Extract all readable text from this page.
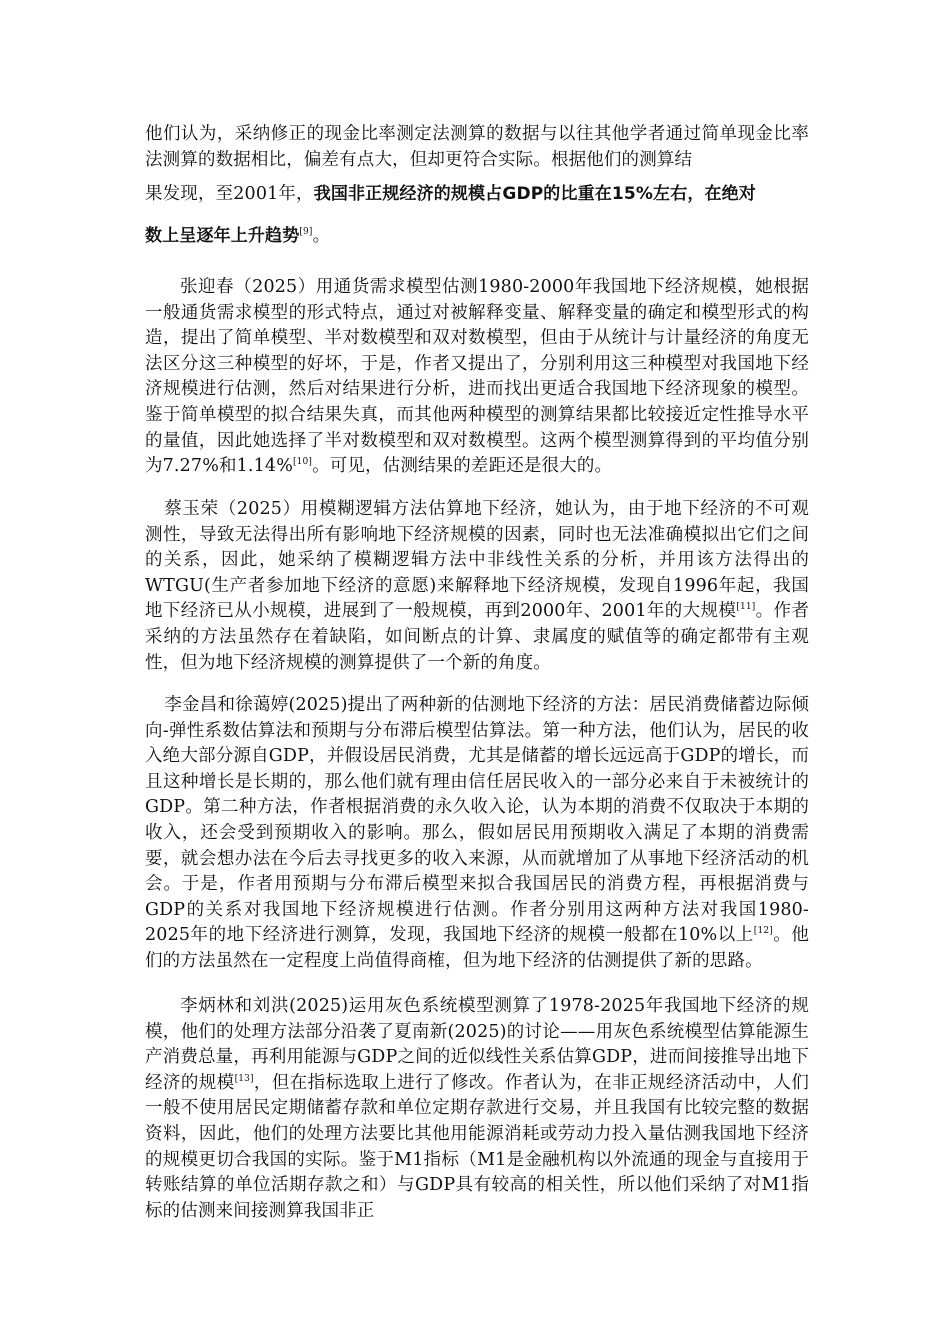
他们认为，采纳修正的现金比率测定法测算的数据与以往其他学者通过简单现金比率法测算的数据相比，偏差有点大，但却更符合实际。根据他们的测算结
果发现，至2001年，我国非正规经济的规模占GDP的比重在15%左右，在绝对
数上呈逐年上升趋势[9]。

张迎春（2025）用通货需求模型估测1980-2000年我国地下经济规模，她根据一般通货需求模型的形式特点，通过对被解释变量、解释变量的确定和模型形式的构造，提出了简单模型、半对数模型和双对数模型，但由于从统计与计量经济的角度无法区分这三种模型的好坏，于是，作者又提出了，分别利用这三种模型对我国地下经济规模进行估测，然后对结果进行分析，进而找出更适合我国地下经济现象的模型。鉴于简单模型的拟合结果失真，而其他两种模型的测算结果都比较接近定性推导水平的量值，因此她选择了半对数模型和双对数模型。这两个模型测算得到的平均值分别为7.27%和1.14%[10]。可见，估测结果的差距还是很大的。

蔡玉荣（2025）用模糊逻辑方法估算地下经济，她认为，由于地下经济的不可观测性，导致无法得出所有影响地下经济规模的因素，同时也无法准确模拟出它们之间的关系，因此，她采纳了模糊逻辑方法中非线性关系的分析，并用该方法得出的WTGU(生产者参加地下经济的意愿)来解释地下经济规模，发现自1996年起，我国地下经济已从小规模，进展到了一般规模，再到2000年、2001年的大规模[11]。作者采纳的方法虽然存在着缺陷，如间断点的计算、隶属度的赋值等的确定都带有主观性，但为地下经济规模的测算提供了一个新的角度。

李金昌和徐蔼婷(2025)提出了两种新的估测地下经济的方法：居民消费储蓄边际倾向-弹性系数估算法和预期与分布滞后模型估算法。第一种方法，他们认为，居民的收入绝大部分源自GDP，并假设居民消费，尤其是储蓄的增长远远高于GDP的增长，而且这种增长是长期的，那么他们就有理由信任居民收入的一部分必来自于未被统计的GDP。第二种方法，作者根据消费的永久收入论，认为本期的消费不仅取决于本期的收入，还会受到预期收入的影响。那么，假如居民用预期收入满足了本期的消费需要，就会想办法在今后去寻找更多的收入来源，从而就增加了从事地下经济活动的机会。于是，作者用预期与分布滞后模型来拟合我国居民的消费方程，再根据消费与GDP的关系对我国地下经济规模进行估测。作者分别用这两种方法对我国1980-2025年的地下经济进行测算，发现，我国地下经济的规模一般都在10%以上[12]。他们的方法虽然在一定程度上尚值得商榷，但为地下经济的估测提供了新的思路。

李炳林和刘洪(2025)运用灰色系统模型测算了1978-2025年我国地下经济的规模，他们的处理方法部分沿袭了夏南新(2025)的讨论——用灰色系统模型估算能源生产消费总量，再利用能源与GDP之间的近似线性关系估算GDP，进而间接推导出地下经济的规模[13]，但在指标选取上进行了修改。作者认为，在非正规经济活动中，人们一般不使用居民定期储蓄存款和单位定期存款进行交易，并且我国有比较完整的数据资料，因此，他们的处理方法要比其他用能源消耗或劳动力投入量估测我国地下经济的规模更切合我国的实际。鉴于M1指标（M1是金融机构以外流通的现金与直接用于转账结算的单位活期存款之和）与GDP具有较高的相关性，所以他们采纳了对M1指标的估测来间接测算我国非正
